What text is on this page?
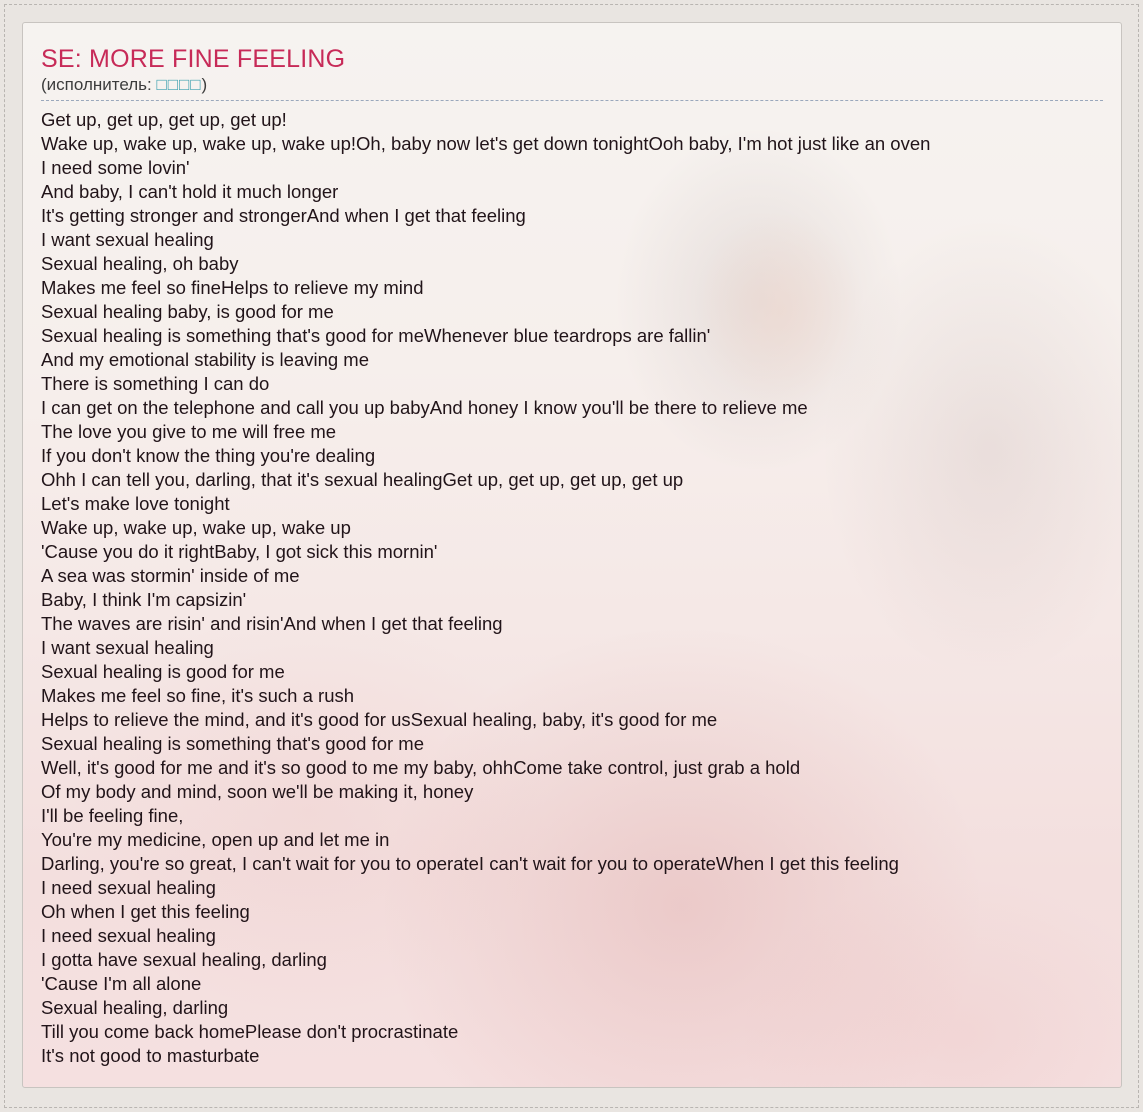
SE: MORE FINE FEELING
(исполнитель: □□□□)
Get up, get up, get up, get up!
Wake up, wake up, wake up, wake up!Oh, baby now let's get down tonightOoh baby, I'm hot just like an oven
I need some lovin'
And baby, I can't hold it much longer
It's getting stronger and strongerAnd when I get that feeling
I want sexual healing
Sexual healing, oh baby
Makes me feel so fineHelps to relieve my mind
Sexual healing baby, is good for me
Sexual healing is something that's good for meWhenever blue teardrops are fallin'
And my emotional stability is leaving me
There is something I can do
I can get on the telephone and call you up babyAnd honey I know you'll be there to relieve me
The love you give to me will free me
If you don't know the thing you're dealing
Ohh I can tell you, darling, that it's sexual healingGet up, get up, get up, get up
Let's make love tonight
Wake up, wake up, wake up, wake up
'Cause you do it rightBaby, I got sick this mornin'
A sea was stormin' inside of me
Baby, I think I'm capsizin'
The waves are risin' and risin'And when I get that feeling
I want sexual healing
Sexual healing is good for me
Makes me feel so fine, it's such a rush
Helps to relieve the mind, and it's good for usSexual healing, baby, it's good for me
Sexual healing is something that's good for me
Well, it's good for me and it's so good to me my baby, ohhCome take control, just grab a hold
Of my body and mind, soon we'll be making it, honey
I'll be feeling fine,
You're my medicine, open up and let me in
Darling, you're so great, I can't wait for you to operateI can't wait for you to operateWhen I get this feeling
I need sexual healing
Oh when I get this feeling
I need sexual healing
I gotta have sexual healing, darling
'Cause I'm all alone
Sexual healing, darling
Till you come back homePlease don't procrastinate
It's not good to masturbate
